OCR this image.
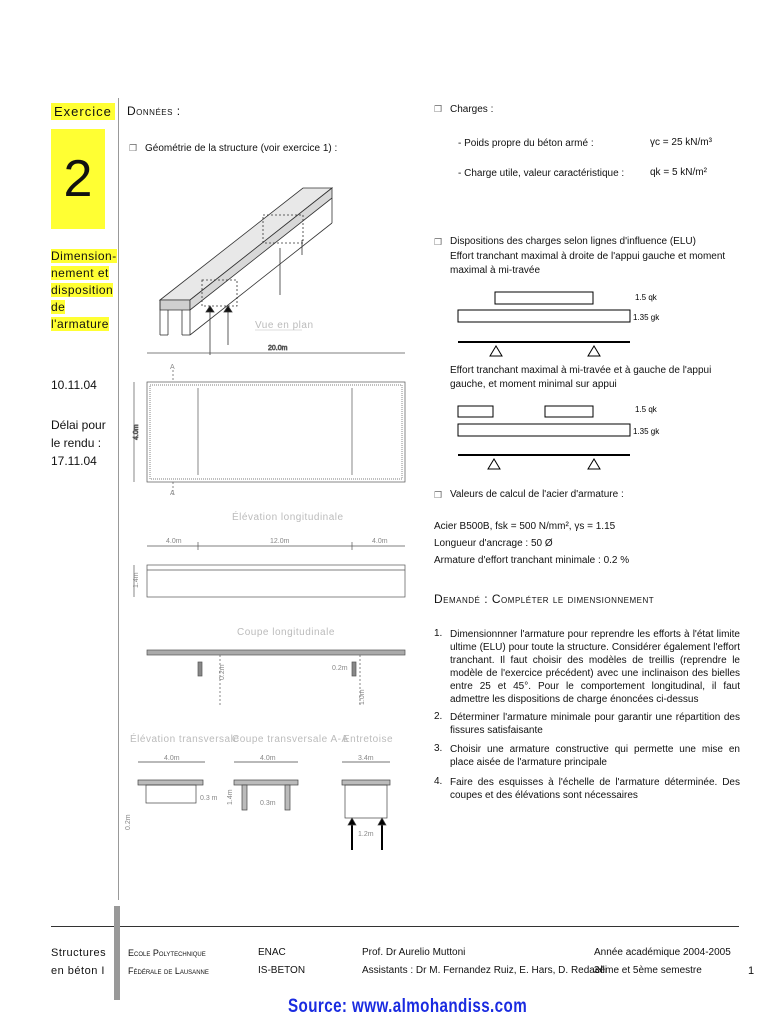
Exercice
2
Dimension-
nement et
disposition
de
l'armature
10.11.04
Délai pour
le rendu :
17.11.04
Données :
❒ Géométrie de la structure (voir exercice 1) :
Vue en plan
20.0m
4.0m
A
A
Élévation longitudinale
4.0m	12.0m	4.0m
1.4m
Coupe longitudinale
0.2m	0.2m
1.0m
Élévation transversale
Coupe transversale A-A
Entretoise
4.0m	4.0m	3.4m
0.3 m
0.3m
1.4m
0.2m
1.2m
❒ Charges :
- Poids propre du béton armé :	γc = 25 kN/m³
- Charge utile, valeur caractéristique :	qk = 5 kN/m²
❒ Dispositions des charges selon lignes d'influence (ELU)
Effort tranchant maximal à droite de l'appui gauche et moment maximal à mi-travée
1.5 qk
1.35 gk
Effort tranchant maximal à mi-travée et à gauche de l'appui gauche, et moment minimal sur appui
1.5 qk
1.35 gk
❒ Valeurs de calcul de l'acier d'armature :
Acier B500B, fsk = 500 N/mm², γs = 1.15
Longueur d'ancrage : 50 Ø
Armature d'effort tranchant minimale : 0.2 %
Demandé : Compléter le dimensionnement
1. Dimensionnner l'armature pour reprendre les efforts à l'état limite ultime (ELU) pour toute la structure. Considérer également l'effort tranchant. Il faut choisir des modèles de treillis (reprendre le modèle de l'exercice précédent) avec une inclinaison des bielles entre 25 et 45°. Pour le comportement longitudinal, il faut admettre les dispositions de charge énoncées ci-dessus
2. Déterminer l'armature minimale pour garantir une répartition des fissures satisfaisante
3. Choisir une armature constructive qui permette une mise en place aisée de l'armature principale
4. Faire des esquisses à l'échelle de l'armature déterminée. Des coupes et des élévations sont nécessaires
Structures
en béton I
Ecole Polytechnique
Fédérale de Lausanne
ENAC
IS-BETON
Prof. Dr Aurelio Muttoni
Assistants : Dr M. Fernandez Ruiz, E. Hars, D. Redaelli
Année académique 2004-2005
3ème et 5ème semestre	1
Source: www.almohandiss.com
